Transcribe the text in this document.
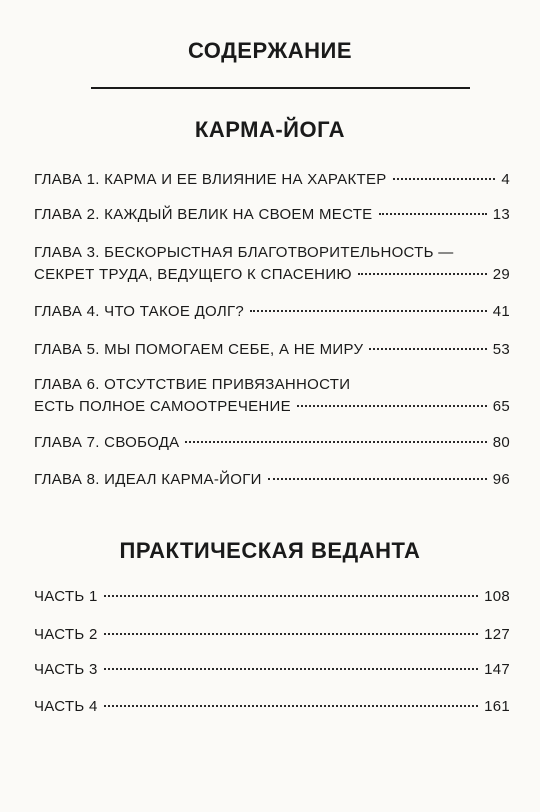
СОДЕРЖАНИЕ
КАРМА-ЙОГА
ГЛАВА 1. КАРМА И ЕЕ ВЛИЯНИЕ НА ХАРАКТЕР	4
ГЛАВА 2. КАЖДЫЙ ВЕЛИК НА СВОЕМ МЕСТЕ	13
ГЛАВА 3. БЕСКОРЫСТНАЯ БЛАГОТВОРИТЕЛЬНОСТЬ —
СЕКРЕТ ТРУДА, ВЕДУЩЕГО К СПАСЕНИЮ	29
ГЛАВА 4. ЧТО ТАКОЕ ДОЛГ?	41
ГЛАВА 5. МЫ ПОМОГАЕМ СЕБЕ, А НЕ МИРУ	53
ГЛАВА 6. ОТСУТСТВИЕ ПРИВЯЗАННОСТИ
ЕСТЬ ПОЛНОЕ САМООТРЕЧЕНИЕ	65
ГЛАВА 7. СВОБОДА	80
ГЛАВА 8. ИДЕАЛ КАРМА-ЙОГИ	96
ПРАКТИЧЕСКАЯ ВЕДАНТА
ЧАСТЬ 1	108
ЧАСТЬ 2	127
ЧАСТЬ 3	147
ЧАСТЬ 4	161
